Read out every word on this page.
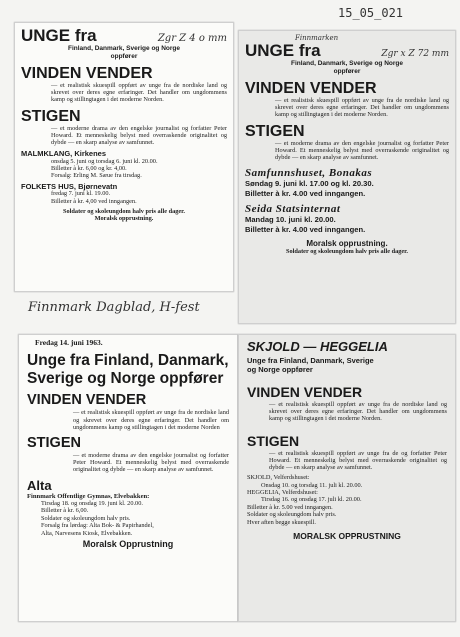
15_05_021
UNGE fra	Zgr Z 4 o mm
Finland, Danmark, Sverige og Norge
oppfører
VINDEN VENDER
— et realistisk skuespill oppført av unge fra de nordiske land og skrevet over deres egne erfaringer. Det handler om ungdommens kamp og stillingtagen i det moderne Norden.
STIGEN
— et moderne drama av den engelske journalist og forfatter Peter Howard. Et menneskelig belyst med overraskende originalitet og dybde — en skarp analyse av samfunnet.
MALMKLANG, Kirkenes
onsdag 5. juni og torsdag 6. juni kl. 20.00.
Billetter à kr. 6,00 og kr. 4,00.
Forsalg: Erling M. Sæue fra tirsdag.
FOLKETS HUS, Bjørnevatn
fredag 7. juni kl. 19.00.
Billetter à kr. 4,00 ved inngangen.
Soldater og skoleungdom halv pris alle dager.
Moralsk opprustning.
Finnmarken
UNGE fra	Zgr x Z 72 mm
Finland, Danmark, Sverige og Norge
oppfører
VINDEN VENDER
— et realistisk skuespill oppført av unge fra de nordiske land og skrevet over deres egne erfaringer. Det handler om ungdommens kamp og stillingtagen i det moderne Norden.
STIGEN
— et moderne drama av den engelske journalist og forfatter Peter Howard. Et menneskelig belyst med overraskende originalitet og dybde — en skarp analyse av samfunnet.
Samfunnshuset, Bonakas
Søndag 9. juni kl. 17.00 og kl. 20.30.
Billetter à kr. 4.00 ved inngangen.
Seida Statsinternat
Mandag 10. juni kl. 20.00.
Billetter à kr. 4.00 ved inngangen.
Moralsk opprustning.
Soldater og skoleungdom halv pris alle dager.
Finnmark Dagblad, H-fest
Fredag 14. juni 1963.
Unge fra Finland, Danmark,
Sverige og Norge oppfører
VINDEN VENDER
— et realistisk skuespill oppført av unge fra de nordiske land og skrevet over deres egne erfaringer. Det handler om ungdommens kamp og stillingtagen i det moderne Norden
STIGEN
— et moderne drama av den engelske journalist og forfatter Peter Howard. Et menneskelig belyst med overraskende originalitet og dybde — en skarp analyse av samfunnet.
Alta
Finnmark Offentlige Gymnas, Elvebakken:
Tirsdag 18. og onsdag 19. juni kl. 20.00.
Billetter à kr. 6,00.
Soldater og skoleungdom halv pris.
Forsalg fra lørdag: Alta Bok- & Papirhandel,
Alta, Narvesens Kiosk, Elvebakken.
Moralsk Opprustning
SKJOLD — HEGGELIA
Unge fra Finland, Danmark, Sverige
og Norge oppfører
VINDEN VENDER
— et realistisk skuespill oppført av unge fra de nordiske land og skrevet over deres egne erfaringer. Det handler om ungdommens kamp og stillingtagen i det moderne Norden.
STIGEN
— et realistisk skuespill oppført av unge fra de og forfatter Peter Howard. Et menneskelig belyst med overraskende originalitet og dybde — en skarp analyse av samfunnet.
SKJOLD, Velferdshuset:
Onsdag 10. og torsdag 11. juli kl. 20.00.
HEGGELIA, Velferdshuset:
Tirsdag 16. og onsdag 17. juli kl. 20.00.
Billetter à kr. 5.00 ved inngangen.
Soldater og skoleungdom halv pris.
Hver aften begge skuespill.
MORALSK OPPRUSTNING
